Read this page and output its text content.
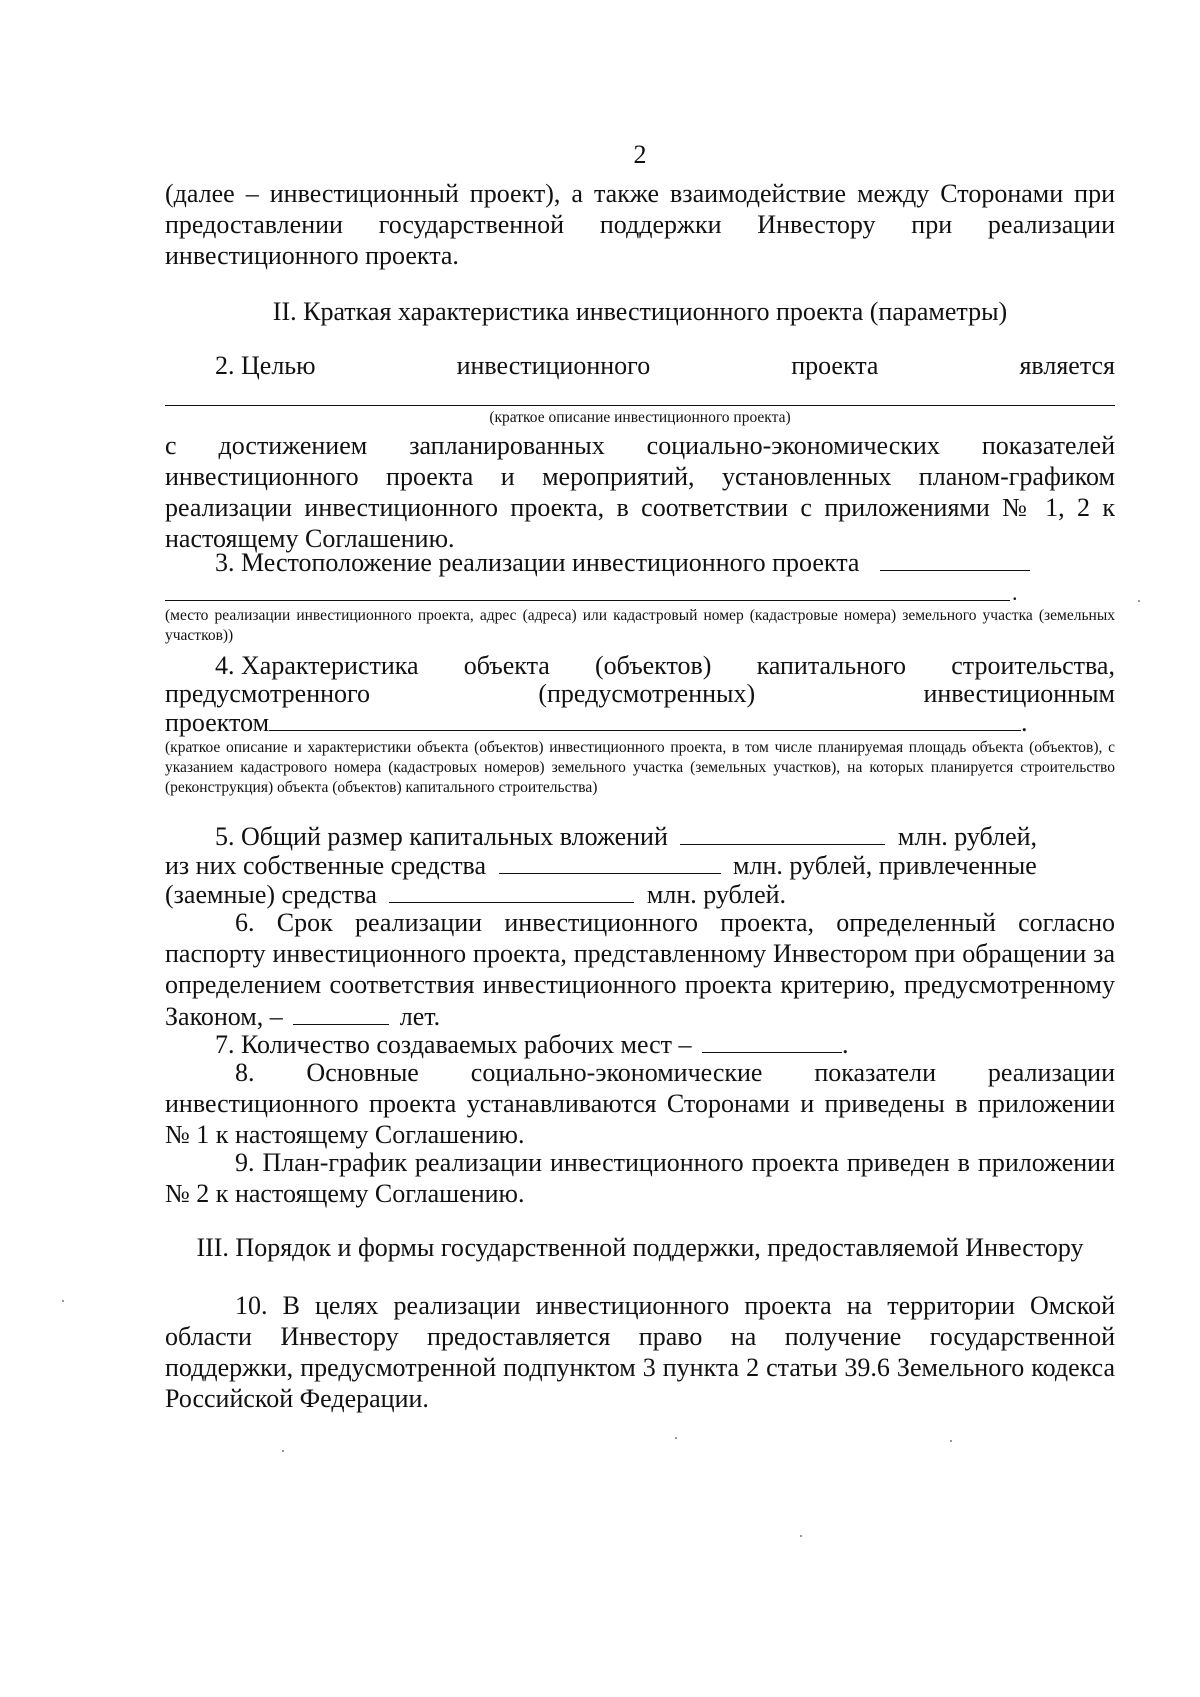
2
(далее – инвестиционный проект), а также взаимодействие между Сторонами при предоставлении государственной поддержки Инвестору при реализации инвестиционного проекта.
II. Краткая характеристика инвестиционного проекта (параметры)
2. Целью	инвестиционного	проекта	является
(краткое описание инвестиционного проекта)
с достижением запланированных социально-экономических показателей инвестиционного проекта и мероприятий, установленных планом-графиком реализации инвестиционного проекта, в соответствии с приложениями № 1, 2 к настоящему Соглашению.
3. Местоположение реализации инвестиционного проекта
.
(место реализации инвестиционного проекта, адрес (адреса) или кадастровый номер (кадастровые номера) земельного участка (земельных участков))
4. Характеристика объекта (объектов) капитального строительства,
предусмотренного	(предусмотренных)	инвестиционным
проектом	.
(краткое описание и характеристики объекта (объектов) инвестиционного проекта, в том числе планируемая площадь объекта (объектов), с указанием кадастрового номера (кадастровых номеров) земельного участка (земельных участков), на которых планируется строительство (реконструкция) объекта (объектов) капитального строительства)
5. Общий размер капитальных вложений	млн. рублей,
из них собственные средства	млн. рублей, привлеченные
(заемные) средства	млн. рублей.
6. Срок реализации инвестиционного проекта, определенный согласно паспорту инвестиционного проекта, представленному Инвестором при обращении за определением соответствия инвестиционного проекта критерию, предусмотренному Законом, –	лет.
7. Количество создаваемых рабочих мест –	.
8. Основные социально-экономические показатели реализации инвестиционного проекта устанавливаются Сторонами и приведены в приложении № 1 к настоящему Соглашению.
9. План-график реализации инвестиционного проекта приведен в приложении № 2 к настоящему Соглашению.
III. Порядок и формы государственной поддержки, предоставляемой Инвестору
10. В целях реализации инвестиционного проекта на территории Омской области Инвестору предоставляется право на получение государственной поддержки, предусмотренной подпунктом 3 пункта 2 статьи 39.6 Земельного кодекса Российской Федерации.
